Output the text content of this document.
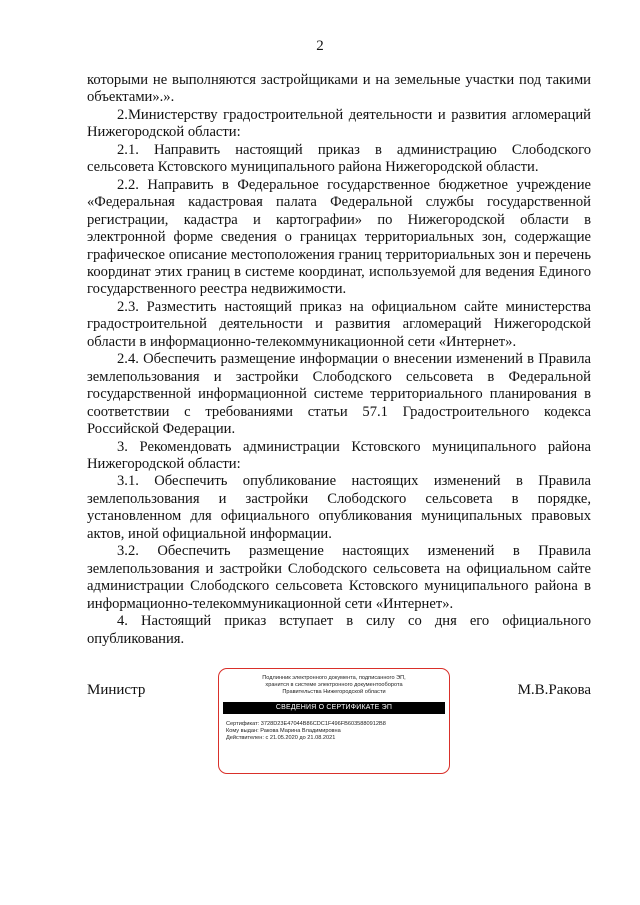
2

которыми не выполняются застройщиками и на земельные участки под такими объектами».».

2.Министерству градостроительной деятельности и развития агломераций Нижегородской области:

2.1. Направить настоящий приказ в администрацию Слободского сельсовета Кстовского муниципального района Нижегородской области.

2.2. Направить в Федеральное государственное бюджетное учреждение «Федеральная кадастровая палата Федеральной службы государственной регистрации, кадастра и картографии» по Нижегородской области в электронной форме сведения о границах территориальных зон, содержащие графическое описание местоположения границ территориальных зон и перечень координат этих границ в системе координат, используемой для ведения Единого государственного реестра недвижимости.

2.3. Разместить настоящий приказ на официальном сайте министерства градостроительной деятельности и развития агломераций Нижегородской области в информационно-телекоммуникационной сети «Интернет».

2.4. Обеспечить размещение информации о внесении изменений в Правила землепользования и застройки Слободского сельсовета в Федеральной государственной информационной системе территориального планирования в соответствии с требованиями статьи 57.1 Градостроительного кодекса Российской Федерации.

3. Рекомендовать администрации Кстовского муниципального района Нижегородской области:

3.1. Обеспечить опубликование настоящих изменений в Правила землепользования и застройки Слободского сельсовета в порядке, установленном для официального опубликования муниципальных правовых актов, иной официальной информации.

3.2. Обеспечить размещение настоящих изменений в Правила землепользования и застройки Слободского сельсовета на официальном сайте администрации Слободского сельсовета Кстовского муниципального района в информационно-телекоммуникационной сети «Интернет».

4. Настоящий приказ вступает в силу со дня его официального опубликования.

Министр
Подлинник электронного документа, подписанного ЭП,
хранится в системе электронного документооборота
Правительства Нижегородской области
СВЕДЕНИЯ О СЕРТИФИКАТЕ ЭП
Сертификат: 3728D23E47044B86CDC1F496FB6035880912B8
Кому выдан: Ракова Марина Владимировна
Действителен: с 21.05.2020 до 21.08.2021
М.В.Ракова
